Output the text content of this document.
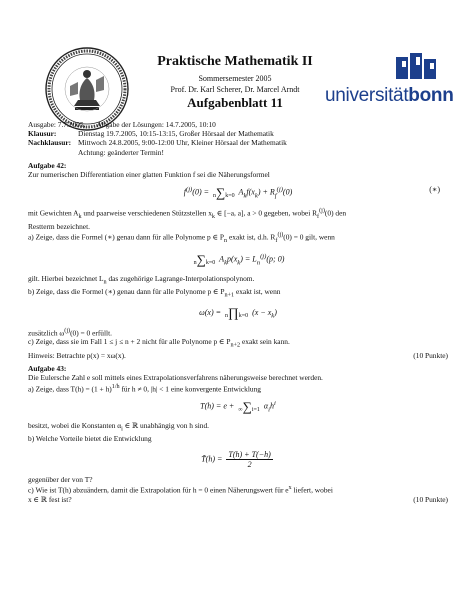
Praktische Mathematik II
Sommersemester 2005
Prof. Dr. Karl Scherer, Dr. Marcel Arndt
Aufgabenblatt 11	universitätbonn
Ausgabe: 7.7.2005, Abgabe der Lösungen: 14.7.2005, 10:10
Klausur:	Dienstag 19.7.2005, 10:15-13:15, Großer Hörsaal der Mathematik
Nachklausur: Mittwoch 24.8.2005, 9:00-12:00 Uhr, Kleiner Hörsaal der Mathematik
Achtung: geänderter Termin!
Aufgabe 42:
Zur numerischen Differentiation einer glatten Funktion f sei die Näherungsformel
$f^{(j)}(0) = n\sum k=0$ $A_kf(x_k) + R_f^{(j)}(0)$	(∗)
mit Gewichten $A_k$ und paarweise verschiedenen Stützstellen $x_k$ ∈ [−a, a], a > 0 gegeben, wobei $R_f^{(j)}(0)$ den
Restterm bezeichnet.
a) Zeige, dass die Formel (∗) genau dann für alle Polynome p ∈ $P_n$ exakt ist, d.h. $R_f^{(j)}(0) = 0$ gilt, wenn
n∑k=0 $A_kp(x_k) = L_n^{(j)}(p$; 0)
gilt. Hierbei bezeichnet $L_n$ das zugehörige Lagrange-Interpolationspolynom.
b) Zeige, dass die Formel (∗) genau dann für alle Polynome p ∈ $P_{n+1}$ exakt ist, wenn
ω(x) = n∏k=0 $(x - x_k)$
zusätzlich $\omega^{(j)}(0) = 0$ erfüllt.
c) Zeige, dass sie im Fall 1 ≤ j ≤ n + 2 nicht für alle Polynome p ∈ $P_{n+2}$ exakt sein kann.
Hinweis: Betrachte p(x) = xω(x).	(10 Punkte)
Aufgabe 43:
Die Eulersche Zahl e soll mittels eines Extrapolationsverfahrens näherungsweise berechnet werden.
a) Zeige, dass $T(h) = (1 + h)^{1/h}$ für h ≠ 0, |h| < 1 eine konvergente Entwicklung
T(h) = e + ∞∑i=1 $\alpha_ih^i$
besitzt, wobei die Konstanten $\alpha_i$ ∈ ℝ unabhängig von h sind.
b) Welche Vorteile bietet die Entwicklung
T̃(h) = $\frac{T(h) + T(-h)}{2}$
gegenüber der von T?
c) Wie ist T(h) abzuändern, damit die Extrapolation für h = 0 einen Näherungswert für $e^x$ liefert, wobei
x ∈ ℝ fest ist?	(10 Punkte)
